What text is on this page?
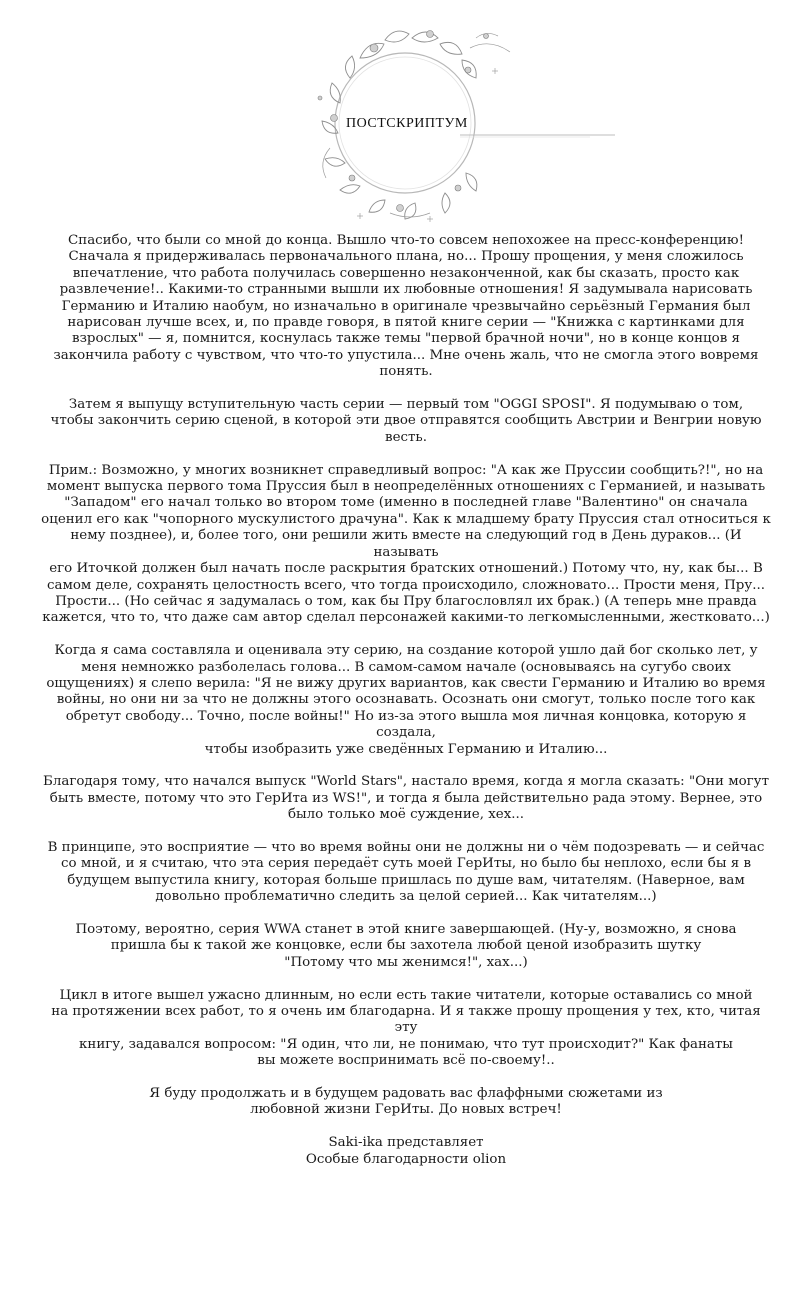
ПОСТСКРИПТУМ

Спасибо, что были со мной до конца. Вышло что-то совсем непохожее на пресс-конференцию!
Сначала я придерживалась первоначального плана, но... Прошу прощения, у меня сложилось
впечатление, что работа получилась совершенно незаконченной, как бы сказать, просто как
развлечение!.. Какими-то странными вышли их любовные отношения! Я задумывала нарисовать
Германию и Италию наобум, но изначально в оригинале чрезвычайно серьёзный Германия был
нарисован лучше всех, и, по правде говоря, в пятой книге серии — "Книжка с картинками для
взрослых" — я, помнится, коснулась также темы "первой брачной ночи", но в конце концов я
закончила работу с чувством, что что-то упустила... Мне очень жаль, что не смогла этого вовремя
понять.

Затем я выпущу вступительную часть серии — первый том "OGGI SPOSI". Я подумываю о том,
чтобы закончить серию сценой, в которой эти двое отправятся сообщить Австрии и Венгрии новую
весть.

Прим.: Возможно, у многих возникнет справедливый вопрос: "А как же Пруссии сообщить?!", но на
момент выпуска первого тома Пруссия был в неопределённых отношениях с Германией, и называть
"Западом" его начал только во втором томе (именно в последней главе "Валентино" он сначала
оценил его как "чопорного мускулистого драчуна". Как к младшему брату Пруссия стал относиться к
нему позднее), и, более того, они решили жить вместе на следующий год в День дураков... (И называть
его Иточкой должен был начать после раскрытия братских отношений.) Потому что, ну, как бы... В
самом деле, сохранять целостность всего, что тогда происходило, сложновато... Прости меня, Пру...
Прости... (Но сейчас я задумалась о том, как бы Пру благословлял их брак.) (А теперь мне правда
кажется, что то, что даже сам автор сделал персонажей какими-то легкомысленными, жестковато...)

Когда я сама составляла и оценивала эту серию, на создание которой ушло дай бог сколько лет, у
меня немножко разболелась голова... В самом-самом начале (основываясь на сугубо своих
ощущениях) я слепо верила: "Я не вижу других вариантов, как свести Германию и Италию во время
войны, но они ни за что не должны этого осознавать. Осознать они смогут, только после того как
обретут свободу... Точно, после войны!" Но из-за этого вышла моя личная концовка, которую я создала,
чтобы изобразить уже сведённых Германию и Италию...

Благодаря тому, что начался выпуск "World Stars", настало время, когда я могла сказать: "Они могут
быть вместе, потому что это ГерИта из WS!", и тогда я была действительно рада этому. Вернее, это
было только моё суждение, хех...

В принципе, это восприятие — что во время войны они не должны ни о чём подозревать — и сейчас
со мной, и я считаю, что эта серия передаёт суть моей ГерИты, но было бы неплохо, если бы я в
будущем выпустила книгу, которая больше пришлась по душе вам, читателям. (Наверное, вам
довольно проблематично следить за целой серией... Как читателям...)

Поэтому, вероятно, серия WWA станет в этой книге завершающей. (Ну-у, возможно, я снова
пришла бы к такой же концовке, если бы захотела любой ценой изобразить шутку
"Потому что мы женимся!", хах...)

Цикл в итоге вышел ужасно длинным, но если есть такие читатели, которые оставались со мной
на протяжении всех работ, то я очень им благодарна. И я также прошу прощения у тех, кто, читая эту
книгу, задавался вопросом: "Я один, что ли, не понимаю, что тут происходит?" Как фанаты
вы можете воспринимать всё по-своему!..

Я буду продолжать и в будущем радовать вас флаффными сюжетами из
любовной жизни ГерИты. До новых встреч!

Saki-ika представляет
Особые благодарности olion
